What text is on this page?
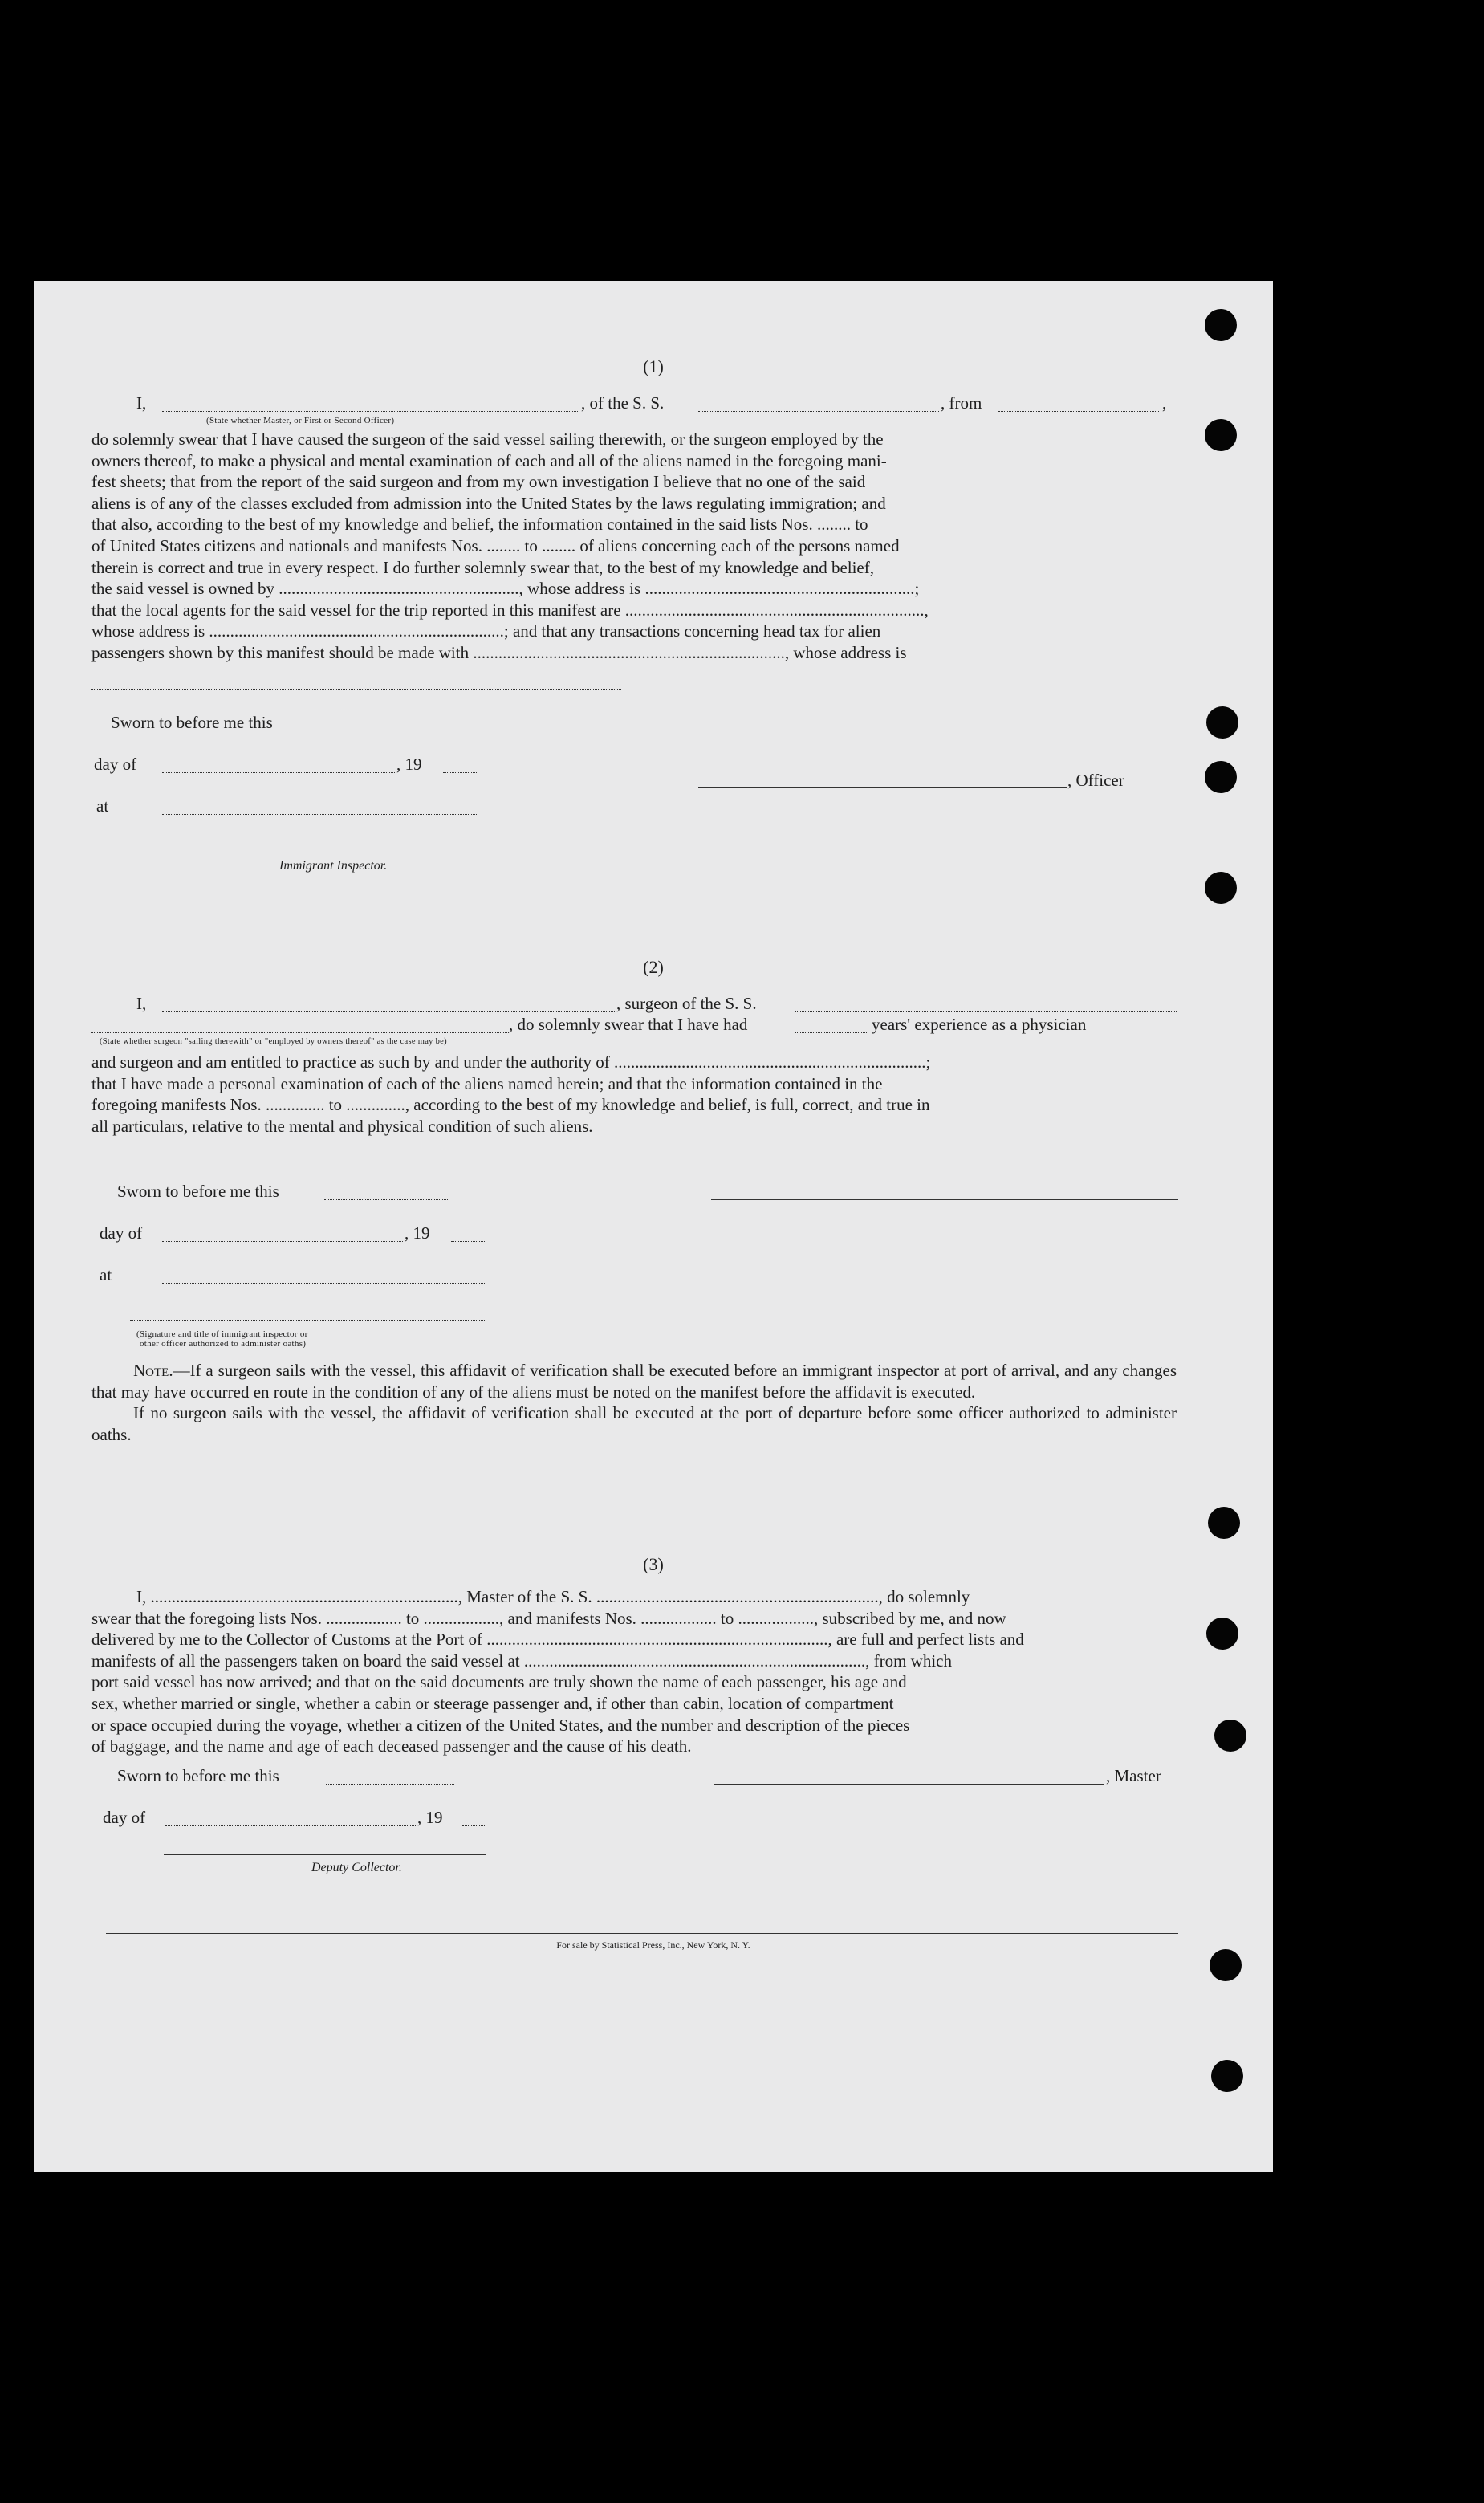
(1)
I,	, of the S. S.	, from	,
(State whether Master, or First or Second Officer)
do solemnly swear that I have caused the surgeon of the said vessel sailing therewith, or the surgeon employed by the
owners thereof, to make a physical and mental examination of each and all of the aliens named in the foregoing mani-
fest sheets; that from the report of the said surgeon and from my own investigation I believe that no one of the said
aliens is of any of the classes excluded from admission into the United States by the laws regulating immigration; and
that also, according to the best of my knowledge and belief, the information contained in the said lists Nos. ........ to
of United States citizens and nationals and manifests Nos. ........ to ........ of aliens concerning each of the persons named
therein is correct and true in every respect. I do further solemnly swear that, to the best of my knowledge and belief,
the said vessel is owned by ........................................................., whose address is ................................................................;
that the local agents for the said vessel for the trip reported in this manifest are .......................................................................,
whose address is ......................................................................; and that any transactions concerning head tax for alien
passengers shown by this manifest should be made with .........................................................................., whose address is
Sworn to before me this
day of	, 19
, Officer
at
Immigrant Inspector.
(2)
I,	, surgeon of the S. S.
, do solemnly swear that I have had	years' experience as a physician
(State whether surgeon "sailing therewith" or "employed by owners thereof" as the case may be)
and surgeon and am entitled to practice as such by and under the authority of ..........................................................................;
that I have made a personal examination of each of the aliens named herein; and that the information contained in the
foregoing manifests Nos. .............. to .............., according to the best of my knowledge and belief, is full, correct, and true in
all particulars, relative to the mental and physical condition of such aliens.
Sworn to before me this
day of	, 19
at
(Signature and title of immigrant inspector or
other officer authorized to administer oaths)

Note.—If a surgeon sails with the vessel, this affidavit of verification shall be executed before an immigrant inspector at port of arrival, and any changes that may have occurred en route in the condition of any of the aliens must be noted on the manifest before the affidavit is executed.

If no surgeon sails with the vessel, the affidavit of verification shall be executed at the port of departure before some officer authorized to administer oaths.

(3)
I, ........................................................................., Master of the S. S. ..................................................................., do solemnly
swear that the foregoing lists Nos. .................. to .................., and manifests Nos. .................. to .................., subscribed by me, and now
delivered by me to the Collector of Customs at the Port of ................................................................................., are full and perfect lists and
manifests of all the passengers taken on board the said vessel at ................................................................................., from which
port said vessel has now arrived; and that on the said documents are truly shown the name of each passenger, his age and
sex, whether married or single, whether a cabin or steerage passenger and, if other than cabin, location of compartment
or space occupied during the voyage, whether a citizen of the United States, and the number and description of the pieces
of baggage, and the name and age of each deceased passenger and the cause of his death.
Sworn to before me this	, Master
day of	, 19
Deputy Collector.
For sale by Statistical Press, Inc., New York, N. Y.
